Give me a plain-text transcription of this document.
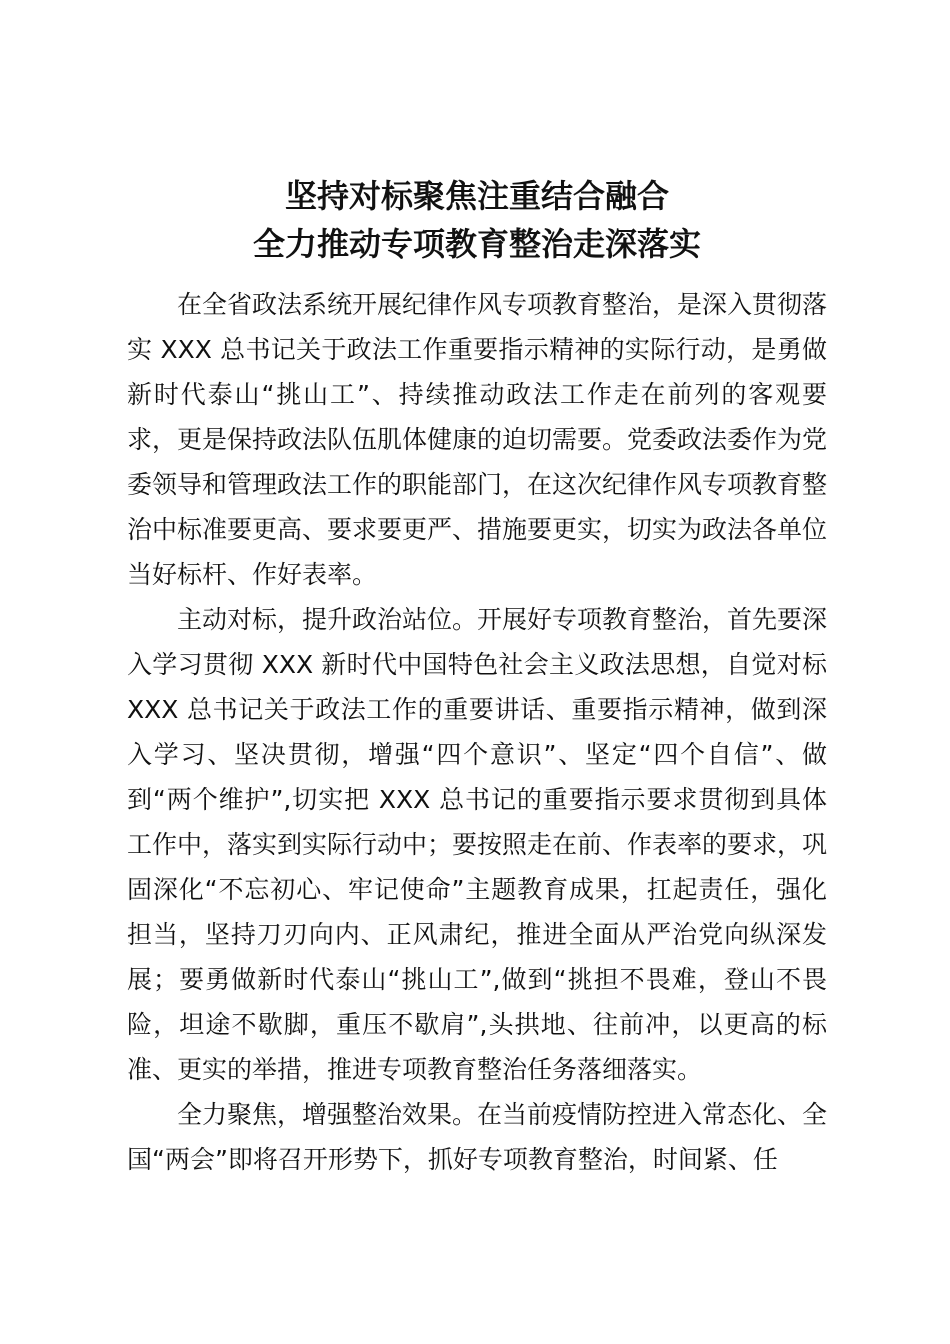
坚持对标聚焦注重结合融合
全力推动专项教育整治走深落实

在全省政法系统开展纪律作风专项教育整治，是深入贯彻落实 XXX 总书记关于政法工作重要指示精神的实际行动，是勇做新时代泰山“挑山工”、持续推动政法工作走在前列的客观要求，更是保持政法队伍肌体健康的迫切需要。党委政法委作为党委领导和管理政法工作的职能部门，在这次纪律作风专项教育整治中标准要更高、要求要更严、措施要更实，切实为政法各单位当好标杆、作好表率。

主动对标，提升政治站位。开展好专项教育整治，首先要深入学习贯彻 XXX 新时代中国特色社会主义政法思想，自觉对标 XXX 总书记关于政法工作的重要讲话、重要指示精神，做到深入学习、坚决贯彻，增强“四个意识”、坚定“四个自信”、做到“两个维护”,切实把 XXX 总书记的重要指示要求贯彻到具体工作中，落实到实际行动中；要按照走在前、作表率的要求，巩固深化“不忘初心、牢记使命”主题教育成果，扛起责任，强化担当，坚持刀刃向内、正风肃纪，推进全面从严治党向纵深发展；要勇做新时代泰山“挑山工”,做到“挑担不畏难，登山不畏险，坦途不歇脚，重压不歇肩”,头拱地、往前冲，以更高的标准、更实的举措，推进专项教育整治任务落细落实。

全力聚焦，增强整治效果。在当前疫情防控进入常态化、全国“两会”即将召开形势下，抓好专项教育整治，时间紧、任
